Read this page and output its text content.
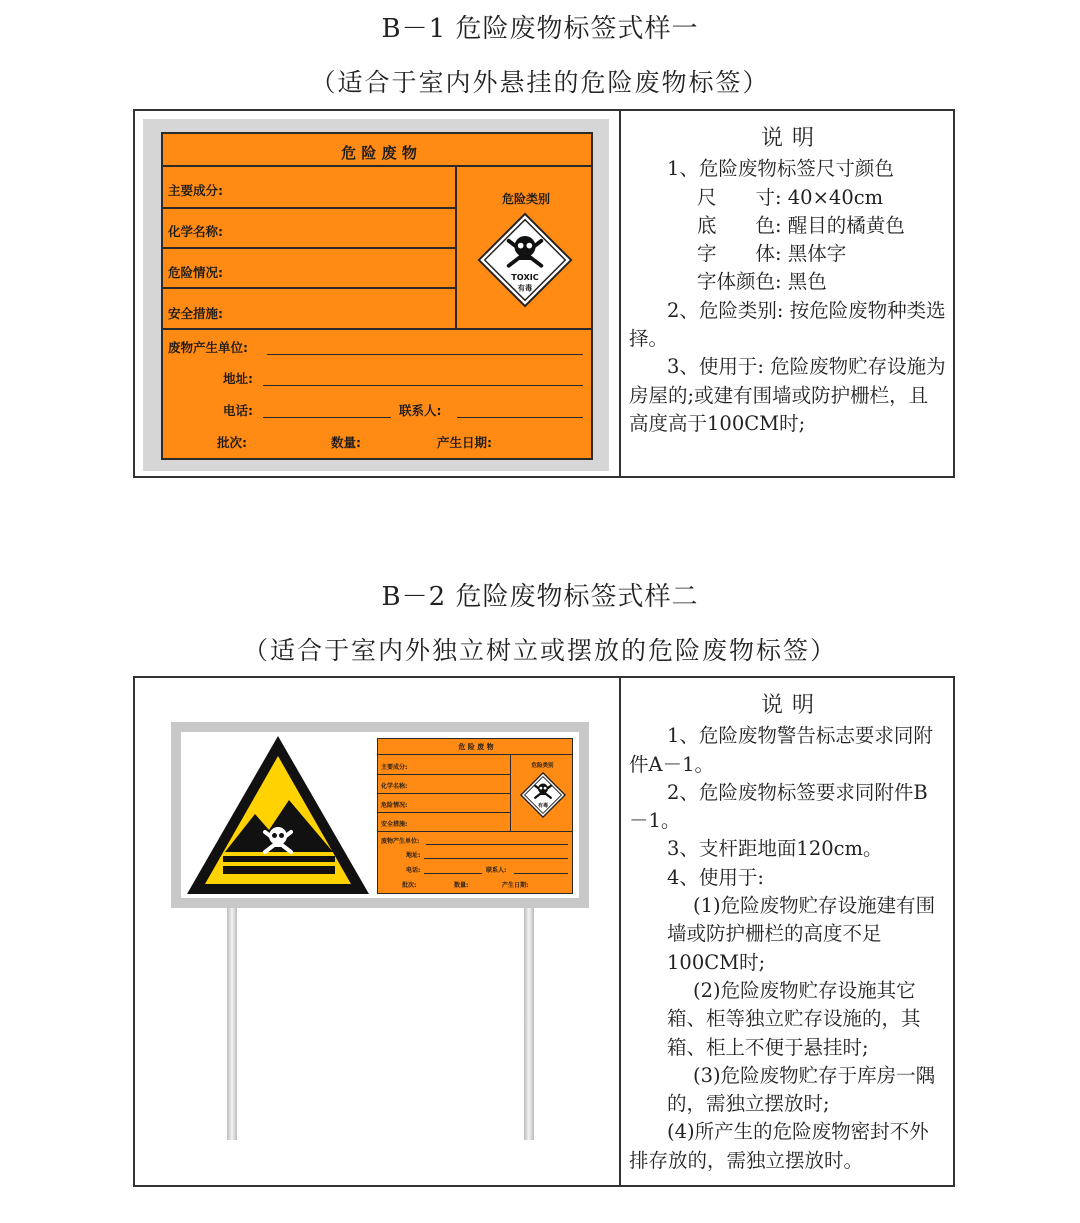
B－1 危险废物标签式样一
（适合于室内外悬挂的危险废物标签）
危 险 废 物
主要成分:
化学名称:
危险情况:
安全措施:
废物产生单位:
地址:
电话:	联系人:
批次:	数量:	产生日期:
危险类别
TOXIC
有毒
说 明

1、危险废物标签尺寸颜色

尺　　寸: 40×40cm

底　　色: 醒目的橘黄色

字　　体: 黑体字

字体颜色: 黑色

2、危险类别: 按危险废物种类选择。

3、使用于: 危险废物贮存设施为房屋的;或建有围墙或防护栅栏，且高度高于100CM时;

B－2 危险废物标签式样二
（适合于室内外独立树立或摆放的危险废物标签）
危 险 废 物
主要成分:
化学名称:
危险情况:
安全措施:
废物产生单位:
地址:
电话:	联系人:
批次:	数量:	产生日期:
危险类别
有毒
说 明

1、危险废物警告标志要求同附件A－1。

2、危险废物标签要求同附件B－1。

3、支杆距地面120cm。

4、使用于:

(1)危险废物贮存设施建有围墙或防护栅栏的高度不足100CM时;

(2)危险废物贮存设施其它箱、柜等独立贮存设施的，其箱、柜上不便于悬挂时;

(3)危险废物贮存于库房一隅的，需独立摆放时;

(4)所产生的危险废物密封不外排存放的，需独立摆放时。
